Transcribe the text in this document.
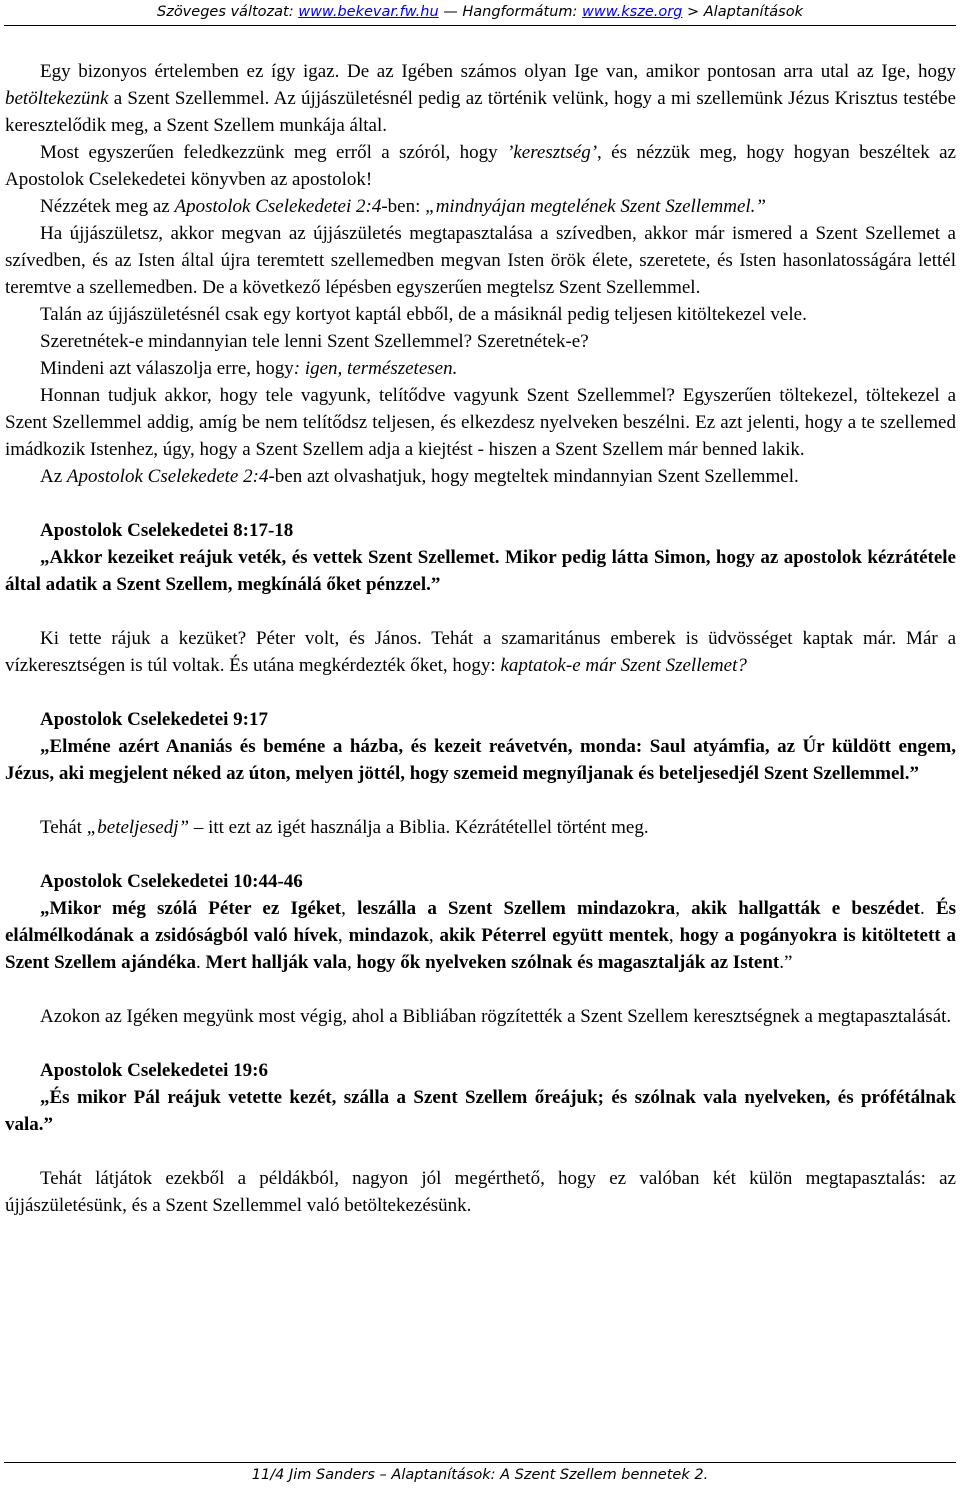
Szöveges változat: www.bekevar.fw.hu — Hangformátum: www.ksze.org > Alaptanítások

Egy bizonyos értelemben ez így igaz. De az Igében számos olyan Ige van, amikor pontosan arra utal az Ige, hogy betöltekezünk a Szent Szellemmel. Az újjászületésnél pedig az történik velünk, hogy a mi szellemünk Jézus Krisztus testébe keresztelődik meg, a Szent Szellem munkája által.

Most egyszerűen feledkezzünk meg erről a szóról, hogy ’keresztség’, és nézzük meg, hogy hogyan beszéltek az Apostolok Cselekedetei könyvben az apostolok!

Nézzétek meg az Apostolok Cselekedetei 2:4-ben: „mindnyájan megtelének Szent Szellemmel.”

Ha újjászületsz, akkor megvan az újjászületés megtapasztalása a szívedben, akkor már ismered a Szent Szellemet a szívedben, és az Isten által újra teremtett szellemedben megvan Isten örök élete, szeretete, és Isten hasonlatosságára lettél teremtve a szellemedben. De a következő lépésben egyszerűen megtelsz Szent Szellemmel.

Talán az újjászületésnél csak egy kortyot kaptál ebből, de a másiknál pedig teljesen kitöltekezel vele.

Szeretnétek-e mindannyian tele lenni Szent Szellemmel? Szeretnétek-e?

Mindeni azt válaszolja erre, hogy: igen, természetesen.

Honnan tudjuk akkor, hogy tele vagyunk, telítődve vagyunk Szent Szellemmel? Egyszerűen töltekezel, töltekezel a Szent Szellemmel addig, amíg be nem telítődsz teljesen, és elkezdesz nyelveken beszélni. Ez azt jelenti, hogy a te szellemed imádkozik Istenhez, úgy, hogy a Szent Szellem adja a kiejtést - hiszen a Szent Szellem már benned lakik.

Az Apostolok Cselekedete 2:4-ben azt olvashatjuk, hogy megteltek mindannyian Szent Szellemmel.

Apostolok Cselekedetei 8:17-18

„Akkor kezeiket reájuk veték, és vettek Szent Szellemet. Mikor pedig látta Simon, hogy az apostolok kézrátétele által adatik a Szent Szellem, megkínálá őket pénzzel.”

Ki tette rájuk a kezüket? Péter volt, és János. Tehát a szamaritánus emberek is üdvösséget kaptak már. Már a vízkeresztségen is túl voltak. És utána megkérdezték őket, hogy: kaptatok-e már Szent Szellemet?

Apostolok Cselekedetei 9:17

„Elméne azért Ananiás és beméne a házba, és kezeit reávetvén, monda: Saul atyámfia, az Úr küldött engem, Jézus, aki megjelent néked az úton, melyen jöttél, hogy szemeid megnyíljanak és beteljesedjél Szent Szellemmel.”

Tehát „beteljesedj” – itt ezt az igét használja a Biblia. Kézrátétellel történt meg.

Apostolok Cselekedetei 10:44-46

„Mikor még szólá Péter ez Igéket, leszálla a Szent Szellem mindazokra, akik hallgatták e beszédet. És elálmélkodának a zsidóságból való hívek, mindazok, akik Péterrel együtt mentek, hogy a pogányokra is kitöltetett a Szent Szellem ajándéka. Mert hallják vala, hogy ők nyelveken szólnak és magasztalják az Istent.”

Azokon az Igéken megyünk most végig, ahol a Bibliában rögzítették a Szent Szellem keresztségnek a megtapasztalását.

Apostolok Cselekedetei 19:6

„És mikor Pál reájuk vetette kezét, szálla a Szent Szellem őreájuk; és szólnak vala nyelveken, és prófétálnak vala.”

Tehát látjátok ezekből a példákból, nagyon jól megérthető, hogy ez valóban két külön megtapasztalás: az újjászületésünk, és a Szent Szellemmel való betöltekezésünk.

11/4 Jim Sanders – Alaptanítások: A Szent Szellem bennetek 2.
